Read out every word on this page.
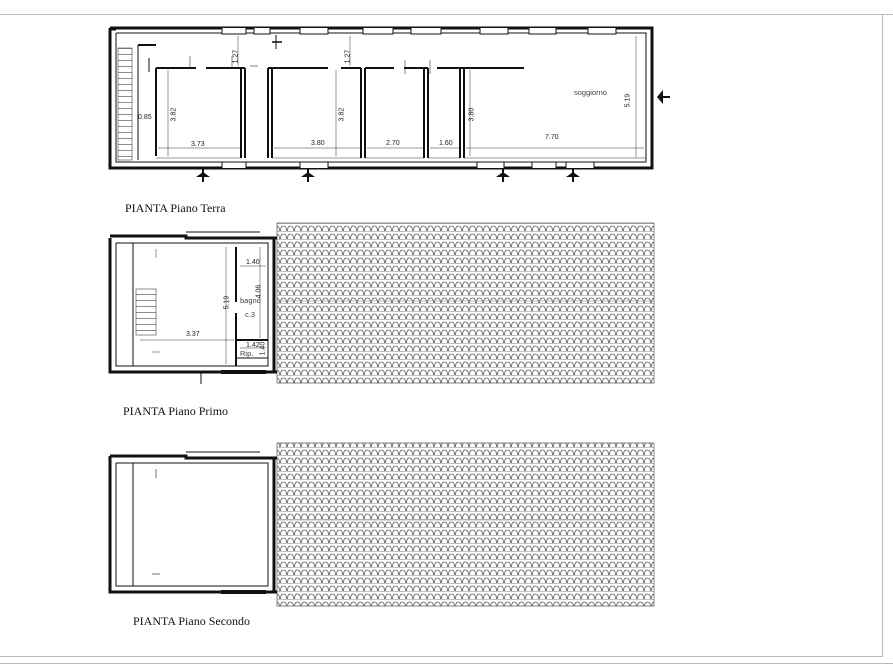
1.27	1.27
0.85	3.82	3.82	3.80
5.19
3.73	3.80	2.70	1.60
7.70
soggiorno
PIANTA Piano Terra
1.40
4.06
5.19 bagno
c.3
3.37
1.42
Rip. 1.40
PIANTA Piano Primo
PIANTA Piano Secondo
